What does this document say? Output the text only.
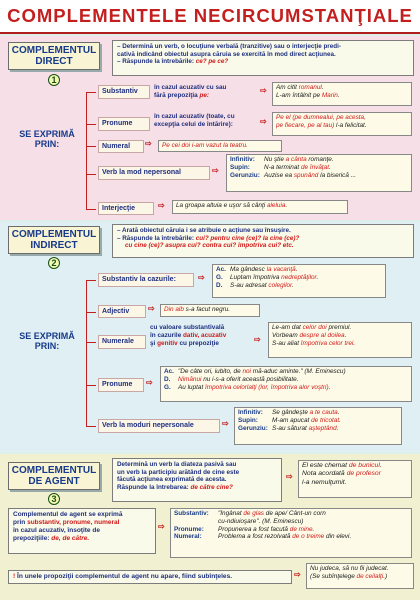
COMPLEMENTELE NECIRCUMSTANŢIALE
COMPLEMENTUL
DIRECT
1
– Determină un verb, o locuţiune verbală (tranzitive) sau o interjecţie predi-
cativă indicând obiectul asupra căruia se exercită în mod direct acţiunea.
– Răspunde la întrebările: ce? pe ce?
SE EXPRIMĂ
PRIN:
Substantiv
în cazul acuzativ cu sau
fără prepoziţia pe:
⇨ Am citit romanul.
L-am întâlnit pe Marin.
Pronume
în cazul acuzativ (toate, cu
excepţia celui de întărire):	⇨ Pe el (pe dumnealui, pe acesta,
pe fiecare, pe al tau) l-a felicitat.
Numeral	⇨	Pe cei doi i-am vazut la teatru.
Verb la mod nepersonal	⇨
Infinitiv: Nu ştie a cânta romanţe.
Supin: N-a terminat de învăţat.
Gerunziu: Auzise ea spunând la biserică ...
Interjecţie	⇨	La groapa altuia e uşor să cânţi aleluia.
COMPLEMENTUL
INDIRECT
2
– Arată obiectul căruia i se atribuie o acţiune sau însuşire.
– Răspunde la întrebările: cui? pentru cine (ce)? la cine (ce)?
cu cine (ce)? asupra cui? contra cui? împotriva cui? etc.
SE EXPRIMĂ
PRIN:
Substantiv la cazurile:	⇨
Ac. Ma gândesc la vacanţă.
G. Luptam împotriva nedreptăţilor.
D. S-au adresat colegilor.
Adjectiv	⇨	Din alb s-a facut negru.
Numerale
cu valoare substantivală
în cazurile dativ, acuzativ
şi genitiv cu prepoziţie	⇨
Le-am dat celor doi premiul.
Vorbeam despre al doilea.
S-au aliat împotriva celor trei.
Pronume	⇨
Ac. "De câte ori, iubito, de noi mă-aduc aminte." (M. Eminescu)
D. Nimănui nu i-s-a oferit această posibilitate.
G. Au luptat împotriva celorlalţi (lor, împotriva alor voştri).
Verb la moduri nepersonale	⇨
Infinitiv: Se gândeşte a te cauta.
Supin: M-am apucat de tricotat.
Gerunziu: S-au săturat aşteptând.
COMPLEMENTUL
DE AGENT
3
Determină un verb la diateza pasivă sau
un verb la participiu arătând de cine este
făcută acţiunea exprimată de acesta.
Răspunde la întrebarea: de către cine?
⇨
El este chemat de bunicul.
Nota acordată de profesor
l-a nemulţumit.
Complementul de agent se exprimă
prin substantiv, pronume, numeral
în cazul acuzativ, însoţite de
prepoziţiile: de, de către.
⇨
Substantiv: "Îngânat de glas de ape/ Cânt-un corn
cu-ndiuioşare". (M. Eminescu)
Pronume: Propunerea a fost facută de mine.
Numeral:	Problema a fost rezolvată de o treime din elevi.
! În unele propoziţii complementul de agent nu apare, fiind subînţeles.	⇨
Nu judeca, să nu fii judecat.
(Se subînţelege de ceilalţi.)
